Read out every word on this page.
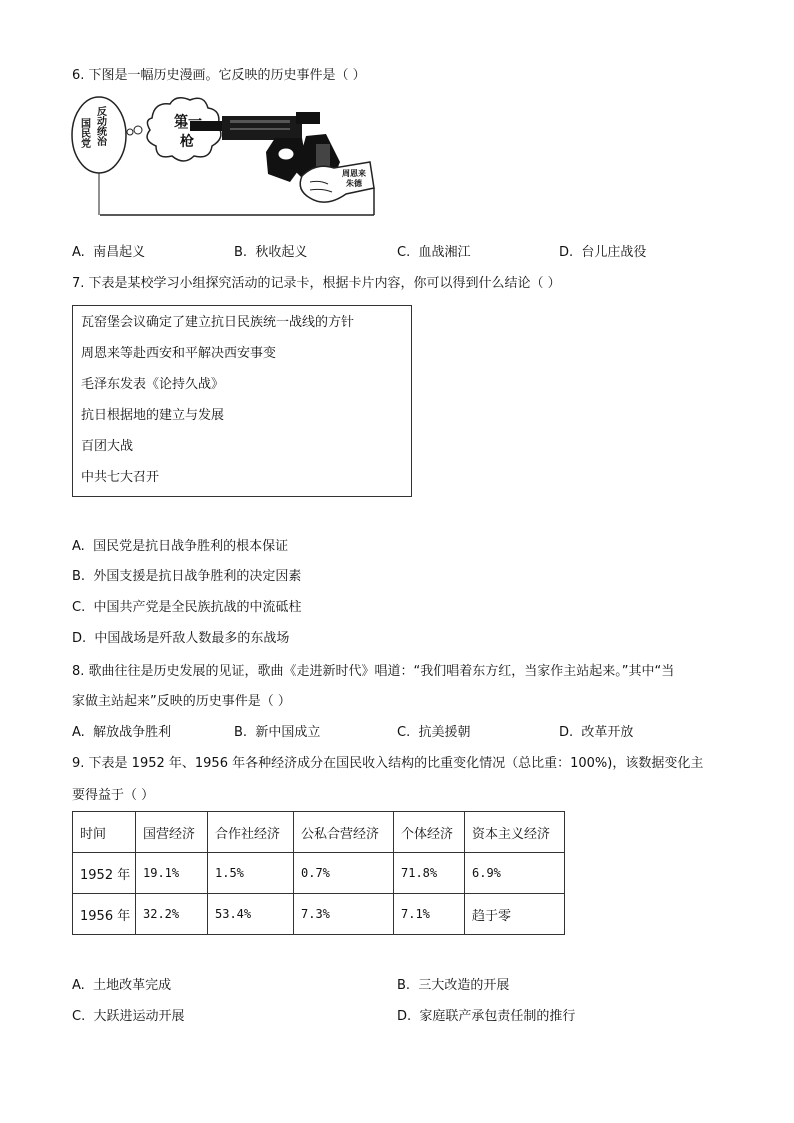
6. 下图是一幅历史漫画。它反映的历史事件是（ ）
国民党 反动统治	第一
枪
周恩来
朱德
A. 南昌起义	B. 秋收起义	C. 血战湘江	D. 台儿庄战役
7. 下表是某校学习小组探究活动的记录卡，根据卡片内容，你可以得到什么结论（ ）
瓦窑堡会议确定了建立抗日民族统一战线的方针
周恩来等赴西安和平解决西安事变
毛泽东发表《论持久战》
抗日根据地的建立与发展
百团大战
中共七大召开
A. 国民党是抗日战争胜利的根本保证
B. 外国支援是抗日战争胜利的决定因素
C. 中国共产党是全民族抗战的中流砥柱
D. 中国战场是歼敌人数最多的东战场
8. 歌曲往往是历史发展的见证，歌曲《走进新时代》唱道：“我们唱着东方红，当家作主站起来。”其中“当
家做主站起来”反映的历史事件是（ ）
A. 解放战争胜利	B. 新中国成立	C. 抗美援朝	D. 改革开放
9. 下表是 1952 年、1956 年各种经济成分在国民收入结构的比重变化情况（总比重：100%)，该数据变化主
要得益于（ ）
时间	国营经济	合作社经济	公私合营经济	个体经济	资本主义经济
1952 年	19.1%	1.5%	0.7%	71.8%	6.9%
1956 年	32.2%	53.4%	7.3%	7.1%	趋于零
A. 土地改革完成	B. 三大改造的开展
C. 大跃进运动开展	D. 家庭联产承包责任制的推行
